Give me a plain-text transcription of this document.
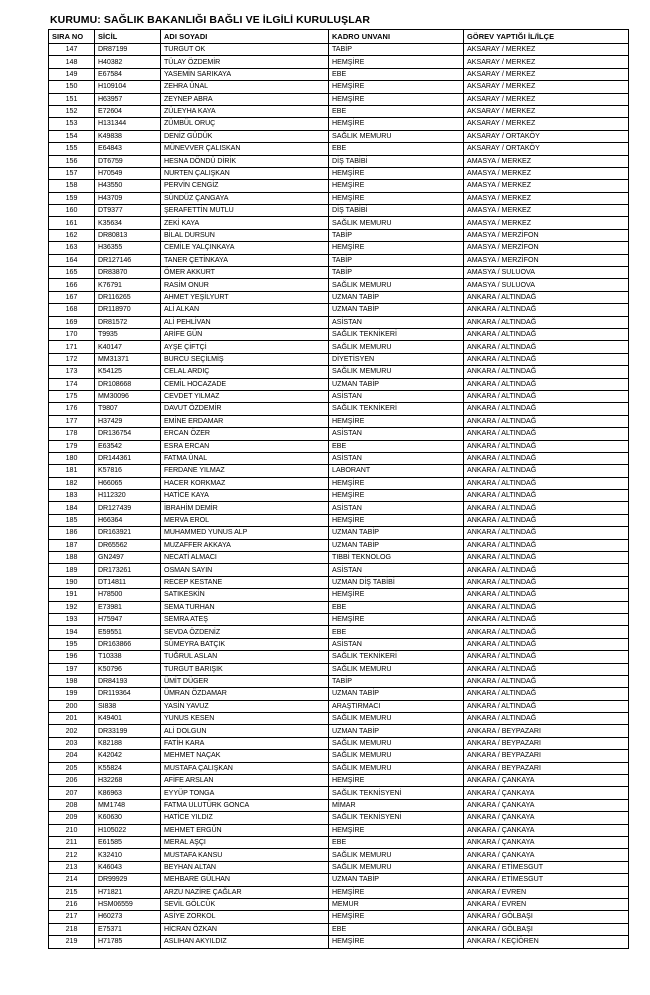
KURUMU: SAĞLIK BAKANLIĞI BAĞLI VE İLGİLİ KURULUŞLAR
SIRA NO	SİCİL	ADI SOYADI	KADRO UNVANI	GÖREV YAPTIĞI İL/İLÇE
147	DR87199	TURGUT OK	TABİP	AKSARAY / MERKEZ
148	H40382	TÜLAY ÖZDEMİR	HEMŞİRE	AKSARAY / MERKEZ
149	E67584	YASEMİN SARIKAYA	EBE	AKSARAY / MERKEZ
150	H109104	ZEHRA ÜNAL	HEMŞİRE	AKSARAY / MERKEZ
151	H63957	ZEYNEP ABRA	HEMŞİRE	AKSARAY / MERKEZ
152	E72604	ZÜLEYHA KAYA	EBE	AKSARAY / MERKEZ
153	H131344	ZÜMBÜL ORUÇ	HEMŞİRE	AKSARAY / MERKEZ
154	K49838	DENİZ GÜDÜK	SAĞLIK MEMURU	AKSARAY / ORTAKÖY
155	E64843	MÜNEVVER ÇALISKAN	EBE	AKSARAY / ORTAKÖY
156	DT6759	HESNA DÖNDÜ DİRİK	DİŞ TABİBİ	AMASYA / MERKEZ
157	H70549	NURTEN ÇALIŞKAN	HEMŞİRE	AMASYA / MERKEZ
158	H43550	PERVİN CENGİZ	HEMŞİRE	AMASYA / MERKEZ
159	H43709	SÜNDÜZ ÇANGAYA	HEMŞİRE	AMASYA / MERKEZ
160	DT9377	ŞERAFETTİN MUTLU	DİŞ TABİBİ	AMASYA / MERKEZ
161	K35634	ZEKİ KAYA	SAĞLIK MEMURU	AMASYA / MERKEZ
162	DR80813	BİLAL DURSUN	TABİP	AMASYA / MERZİFON
163	H36355	CEMİLE YALÇINKAYA	HEMŞİRE	AMASYA / MERZİFON
164	DR127146	TANER ÇETİNKAYA	TABİP	AMASYA / MERZİFON
165	DR83870	ÖMER AKKURT	TABİP	AMASYA / SULUOVA
166	K76791	RASİM ONUR	SAĞLIK MEMURU	AMASYA / SULUOVA
167	DR116265	AHMET YEŞİLYURT	UZMAN TABİP	ANKARA / ALTINDAĞ
168	DR118970	ALİ ALKAN	UZMAN TABİP	ANKARA / ALTINDAĞ
169	DR81572	ALİ PEHLİVAN	ASİSTAN	ANKARA / ALTINDAĞ
170	T9935	ARİFE GÜN	SAĞLIK TEKNİKERİ	ANKARA / ALTINDAĞ
171	K40147	AYŞE ÇİFTÇİ	SAĞLIK MEMURU	ANKARA / ALTINDAĞ
172	MM31371	BURCU SEÇİLMİŞ	DİYETİSYEN	ANKARA / ALTINDAĞ
173	K54125	CELAL ARDIÇ	SAĞLIK MEMURU	ANKARA / ALTINDAĞ
174	DR108668	CEMİL HOCAZADE	UZMAN TABİP	ANKARA / ALTINDAĞ
175	MM30096	CEVDET YILMAZ	ASİSTAN	ANKARA / ALTINDAĞ
176	T9807	DAVUT ÖZDEMİR	SAĞLIK TEKNİKERİ	ANKARA / ALTINDAĞ
177	H37429	EMİNE ERDAMAR	HEMŞİRE	ANKARA / ALTINDAĞ
178	DR136754	ERCAN ÖZER	ASİSTAN	ANKARA / ALTINDAĞ
179	E63542	ESRA ERCAN	EBE	ANKARA / ALTINDAĞ
180	DR144361	FATMA ÜNAL	ASİSTAN	ANKARA / ALTINDAĞ
181	K57816	FERDANE YILMAZ	LABORANT	ANKARA / ALTINDAĞ
182	H66065	HACER KORKMAZ	HEMŞİRE	ANKARA / ALTINDAĞ
183	H112320	HATİCE KAYA	HEMŞİRE	ANKARA / ALTINDAĞ
184	DR127439	İBRAHİM DEMİR	ASİSTAN	ANKARA / ALTINDAĞ
185	H66364	MERVA EROL	HEMŞİRE	ANKARA / ALTINDAĞ
186	DR163921	MUHAMMED YUNUS ALP	UZMAN TABİP	ANKARA / ALTINDAĞ
187	DR65562	MUZAFFER AKKAYA	UZMAN TABİP	ANKARA / ALTINDAĞ
188	GN2497	NECATİ ALMACI	TIBBİ TEKNOLOG	ANKARA / ALTINDAĞ
189	DR173261	OSMAN SAYIN	ASİSTAN	ANKARA / ALTINDAĞ
190	DT14811	RECEP KESTANE	UZMAN DİŞ TABİBİ	ANKARA / ALTINDAĞ
191	H78500	SATIKESKİN	HEMŞİRE	ANKARA / ALTINDAĞ
192	E73981	SEMA TURHAN	EBE	ANKARA / ALTINDAĞ
193	H75947	SEMRA ATEŞ	HEMŞİRE	ANKARA / ALTINDAĞ
194	E59551	SEVDA ÖZDENİZ	EBE	ANKARA / ALTINDAĞ
195	DR163866	SÜMEYRA BATÇIK	ASİSTAN	ANKARA / ALTINDAĞ
196	T10338	TUĞRUL ASLAN	SAĞLIK TEKNİKERİ	ANKARA / ALTINDAĞ
197	K50796	TURGUT BARIŞIK	SAĞLIK MEMURU	ANKARA / ALTINDAĞ
198	DR84193	ÜMİT DÜGER	TABİP	ANKARA / ALTINDAĞ
199	DR119364	ÜMRAN ÖZDAMAR	UZMAN TABİP	ANKARA / ALTINDAĞ
200	SI838	YASİN YAVUZ	ARAŞTIRMACI	ANKARA / ALTINDAĞ
201	K49401	YUNUS KESEN	SAĞLIK MEMURU	ANKARA / ALTINDAĞ
202	DR33199	ALİ DOLGUN	UZMAN TABİP	ANKARA / BEYPAZARI
203	K82188	FATİH KARA	SAĞLIK MEMURU	ANKARA / BEYPAZARI
204	K42042	MEHMET NAÇAK	SAĞLIK MEMURU	ANKARA / BEYPAZARI
205	K55824	MUSTAFA ÇALIŞKAN	SAĞLIK MEMURU	ANKARA / BEYPAZARI
206	H32268	AFİFE ARSLAN	HEMŞİRE	ANKARA / ÇANKAYA
207	K86963	EYYÜP TONGA	SAĞLIK TEKNİSYENİ	ANKARA / ÇANKAYA
208	MM1748	FATMA ULUTÜRK GONCA	MİMAR	ANKARA / ÇANKAYA
209	K60630	HATİCE YILDIZ	SAĞLIK TEKNİSYENİ	ANKARA / ÇANKAYA
210	H105022	MEHMET ERGÜN	HEMŞİRE	ANKARA / ÇANKAYA
211	E61585	MERAL AŞÇI	EBE	ANKARA / ÇANKAYA
212	K32410	MUSTAFA KANSU	SAĞLIK MEMURU	ANKARA / ÇANKAYA
213	K46043	BEYHAN ALTAN	SAĞLIK MEMURU	ANKARA / ETİMESGUT
214	DR99929	MEHBARE GÜLHAN	UZMAN TABİP	ANKARA / ETİMESGUT
215	H71821	ARZU NAZİRE ÇAĞLAR	HEMŞİRE	ANKARA / EVREN
216	HSM06559	SEVİL GÖLCÜK	MEMUR	ANKARA / EVREN
217	H60273	ASİYE ZORKOL	HEMŞİRE	ANKARA / GÖLBAŞI
218	E75371	HİCRAN ÖZKAN	EBE	ANKARA / GÖLBAŞI
219	H71785	ASLIHAN AKYILDIZ	HEMŞİRE	ANKARA / KEÇİÖREN
